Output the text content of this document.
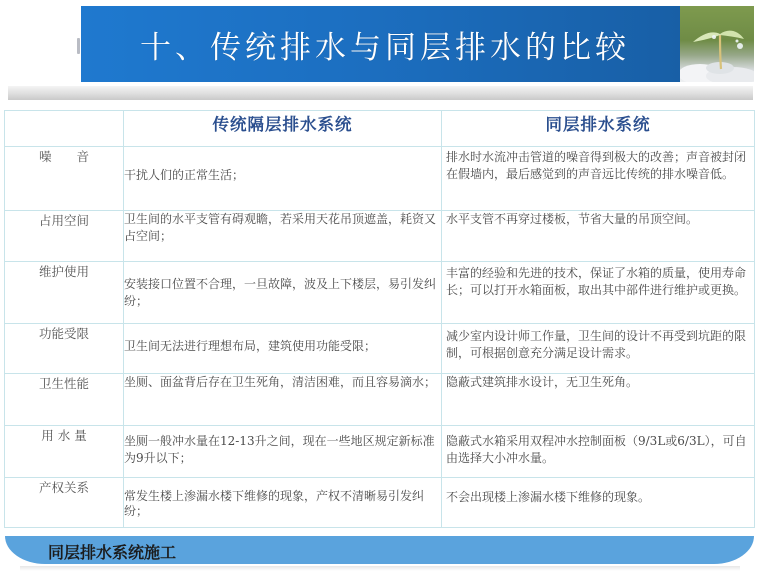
十、传统排水与同层排水的比较
	传统隔层排水系统	同层排水系统
噪　　音	干扰人们的正常生活；	排水时水流冲击管道的噪音得到极大的改善；声音被封闭在假墙内，最后感觉到的声音远比传统的排水噪音低。
占用空间	卫生间的水平支管有碍观瞻，若采用天花吊顶遮盖，耗资又占空间；	水平支管不再穿过楼板，节省大量的吊顶空间。
维护使用	安装接口位置不合理，一旦故障，波及上下楼层，易引发纠纷；	丰富的经验和先进的技术，保证了水箱的质量，使用寿命长；可以打开水箱面板，取出其中部件进行维护或更换。
功能受限	卫生间无法进行理想布局，建筑使用功能受限；	减少室内设计师工作量，卫生间的设计不再受到坑距的限制，可根据创意充分满足设计需求。
卫生性能	坐厕、面盆背后存在卫生死角，清洁困难，而且容易滴水；	隐蔽式建筑排水设计，无卫生死角。
用 水 量	坐厕一般冲水量在12-13升之间，现在一些地区规定新标准为9升以下；	隐蔽式水箱采用双程冲水控制面板（9/3L或6/3L），可自由选择大小冲水量。
产权关系	常发生楼上渗漏水楼下维修的现象，产权不清晰易引发纠纷；	不会出现楼上渗漏水楼下维修的现象。
同层排水系统施工
